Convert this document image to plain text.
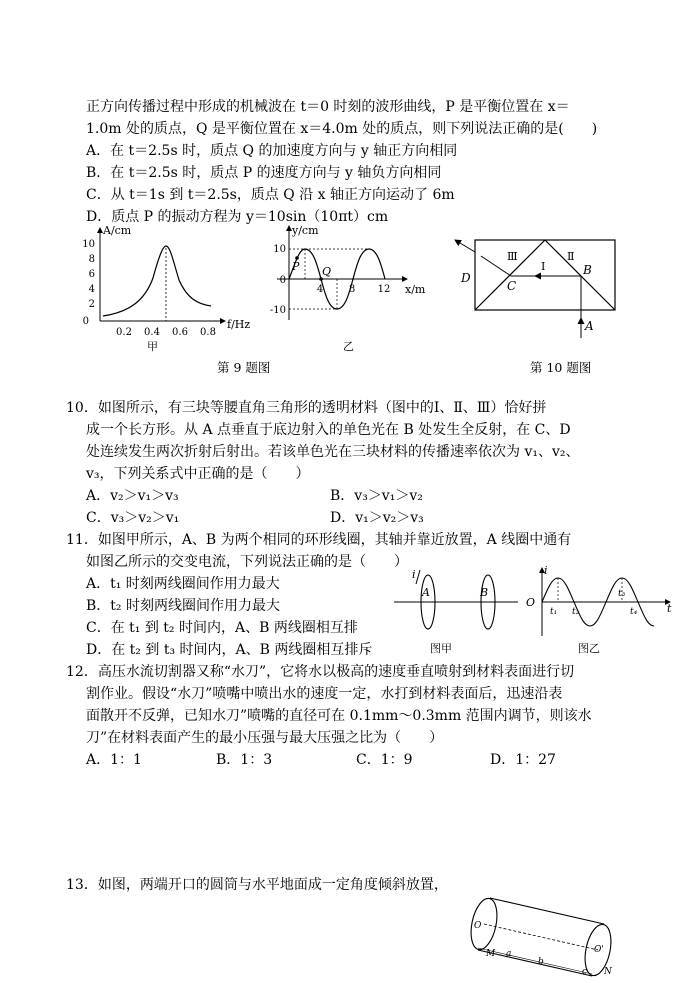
正方向传播过程中形成的机械波在 t＝0 时刻的波形曲线，P 是平衡位置在 x＝
1.0m 处的质点，Q 是平衡位置在 x＝4.0m 处的质点，则下列说法正确的是(　　)
A．在 t＝2.5s 时，质点 Q 的加速度方向与 y 轴正方向相同
B．在 t＝2.5s 时，质点 P 的速度方向与 y 轴负方向相同
C．从 t＝1s 到 t＝2.5s，质点 Q 沿 x 轴正方向运动了 6m
D．质点 P 的振动方程为 y＝10sin（10πt）cm
A/cm
f/Hz
10
8
6
4
2
0
0.2 0.4 0.6 0.8
甲
y/cm
x/m
10
0
-10
4	8 12
P Q
乙
Ⅲ
Ⅰ
Ⅱ
D
C
B
A
第 9 题图	第 10 题图
10．如图所示，有三块等腰直角三角形的透明材料（图中的Ⅰ、Ⅱ、Ⅲ）恰好拼
成一个长方形。从 A 点垂直于底边射入的单色光在 B 处发生全反射，在 C、D
处连续发生两次折射后射出。若该单色光在三块材料的传播速率依次为 v₁、v₂、
v₃，下列关系式中正确的是（　　）
A．v₂＞v₁＞v₃	B．v₃＞v₁＞v₂
C．v₃＞v₂＞v₁	D．v₁＞v₂＞v₃
11．如图甲所示，A、B 为两个相同的环形线圈，其轴并靠近放置，A 线圈中通有
如图乙所示的交变电流，下列说法正确的是（　　）
A．t₁ 时刻两线圈间作用力最大
B．t₂ 时刻两线圈间作用力最大
C．在 t₁ 到 t₂ 时间内，A、B 两线圈相互排
D．在 t₂ 到 t₃ 时间内，A、B 两线圈相互排斥
i
A	B
图甲
i
O	t
t₁ t₂
t₃
t₄
图乙
12．高压水流切割器又称“水刀”，它将水以极高的速度垂直喷射到材料表面进行切
割作业。假设“水刀”喷嘴中喷出水的速度一定，水打到材料表面后，迅速沿表
面散开不反弹，已知水刀”喷嘴的直径可在 0.1mm～0.3mm 范围内调节，则该水
刀”在材料表面产生的最小压强与最大压强之比为（　　）
A．1：1	B．1：3	C．1：9	D．1：27
13．如图，两端开口的圆筒与水平地面成一定角度倾斜放置，
O
M a
b
c
O'
N
